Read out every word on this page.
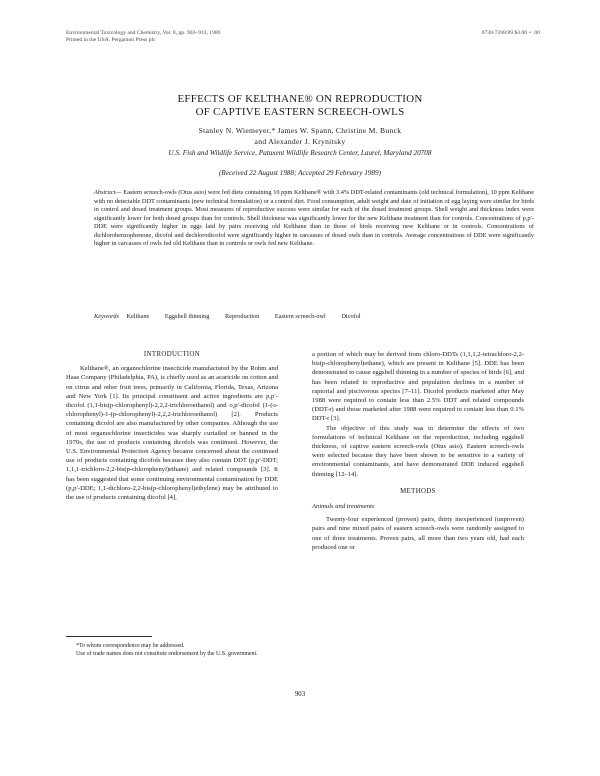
Environmental Toxicology and Chemistry, Vol. 8, pp. 903–913, 1989
Printed in the USA. Pergamon Press plc
0730-7268/89 $3.00 + .00
EFFECTS OF KELTHANE® ON REPRODUCTION
OF CAPTIVE EASTERN SCREECH-OWLS
Stanley N. Wiemeyer,* James W. Spann, Christine M. Bunck
and Alexander J. Krynitsky
U.S. Fish and Wildlife Service, Patuxent Wildlife Research Center, Laurel, Maryland 20708
(Received 22 August 1988; Accepted 29 February 1989)
Abstract— Eastern screech-owls (Otus asio) were fed diets containing 10 ppm Kelthane® with 3.4% DDT-related contaminants (old technical formulation), 10 ppm Kelthane with no detectable DDT contaminants (new technical formulation) or a control diet. Food consumption, adult weight and date of initiation of egg laying were similar for birds in control and dosed treatment groups. Most measures of reproductive success were similar for each of the dosed treatment groups. Shell weight and thickness index were significantly lower for both dosed groups than for controls. Shell thickness was significantly lower for the new Kelthane treatment than for controls. Concentrations of p,p′-DDE were significantly higher in eggs laid by pairs receiving old Kelthane than in those of birds receiving new Kelthane or in controls. Concentrations of dichlorobenzophenone, dicofol and dechlorodicofol were significantly higher in carcasses of dosed owls than in controls. Average concentrations of DDE were significantly higher in carcasses of owls fed old Kelthane than in controls or owls fed new Kelthane.
Keywords Kelthane Eggshell thinning Reproduction Eastern screech-owl Dicofol
INTRODUCTION

Kelthane®, an organochlorine insecticide manufactured by the Rohm and Haas Company (Philadelphia, PA), is chiefly used as an acaricide on cotton and on citrus and other fruit trees, primarily in California, Florida, Texas, Arizona and New York [1]. Its principal constituent and active ingredients are p,p′-dicofol (1,1-bis(p-chlorophenyl)-2,2,2-trichloroethanol) and o,p′-dicofol (1-(o-chlorophenyl)-1-(p-chlorophenyl)-2,2,2-trichloroethanol) [2]. Products containing dicofol are also manufactured by other companies. Although the use of most organochlorine insecticides was sharply curtailed or banned in the 1970s, the use of products containing dicofols was continued. However, the U.S. Environmental Protection Agency became concerned about the continued use of products containing dicofols because they also contain DDT (p,p′-DDT; 1,1,1-trichloro-2,2-bis(p-chlorophenyl)ethane) and related compounds [3]. It has been suggested that some continuing environmental contamination by DDE (p,p′-DDE; 1,1-dichloro-2,2-bis(p-chlorophenyl)ethylene) may be attributed to the use of products containing dicofol [4],

a portion of which may be derived from chloro-DDTs (1,1,1,2-tetrachloro-2,2-bis(p-chlorophenyl)ethane), which are present in Kelthane [5]. DDE has been demonstrated to cause eggshell thinning in a number of species of birds [6], and has been related to reproductive and population declines in a number of raptorial and piscivorous species [7–11]. Dicofol products marketed after May 1988 were required to contain less than 2.5% DDT and related compounds (DDT-r) and those marketed after 1988 were required to contain less than 0.1% DDT-r [3].

The objective of this study was to determine the effects of two formulations of technical Kelthane on the reproduction, including eggshell thickness, of captive eastern screech-owls (Otus asio). Eastern screech-owls were selected because they have been shown to be sensitive to a variety of environmental contaminants, and have demonstrated DDE induced eggshell thinning [12–14].

METHODS
Animals and treatments

Twenty-four experienced (proven) pairs, thirty inexperienced (unproven) pairs and nine mixed pairs of eastern screech-owls were randomly assigned to one of three treatments. Proven pairs, all more than two years old, had each produced one or

*To whom correspondence may be addressed.

Use of trade names does not constitute endorsement by the U.S. government.

903
